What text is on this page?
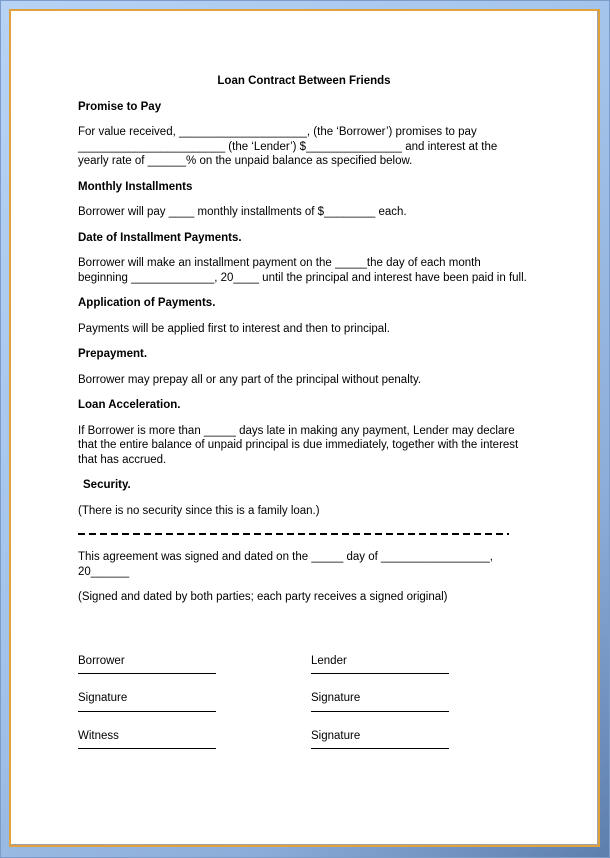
Loan Contract Between Friends
Promise to Pay
For value received, ____________________, (the ‘Borrower’) promises to pay _______________________ (the ‘Lender’) $_______________ and interest at the yearly rate of ______% on the unpaid balance as specified below.
Monthly Installments
Borrower will pay ____ monthly installments of $________ each.
Date of Installment Payments.
Borrower will make an installment payment on the _____the day of each month beginning _____________, 20____ until the principal and interest have been paid in full.
Application of Payments.
Payments will be applied first to interest and then to principal.
Prepayment.
Borrower may prepay all or any part of the principal without penalty.
Loan Acceleration.
If Borrower is more than _____ days late in making any payment, Lender may declare that the entire balance of unpaid principal is due immediately, together with the interest that has accrued.
Security.
(There is no security since this is a family loan.)
This agreement was signed and dated on the _____ day of _________________, 20______
(Signed and dated by both parties; each party receives a signed original)
Borrower
Signature
Witness
Lender
Signature
Signature
